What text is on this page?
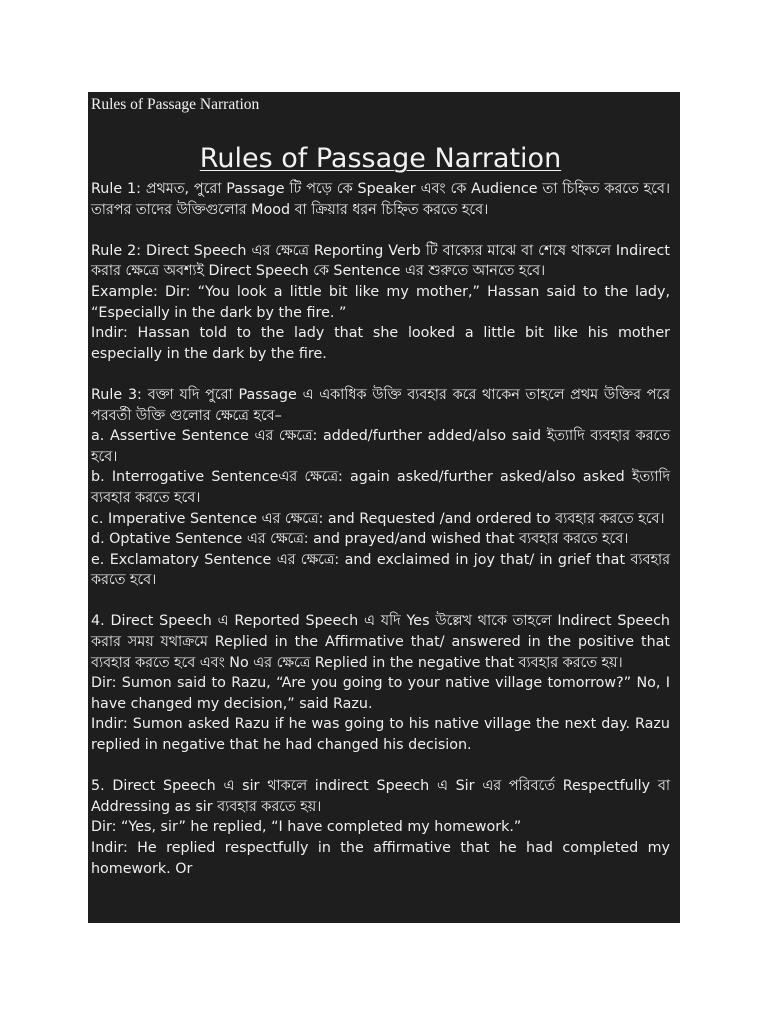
Rules of Passage Narration
Rules of Passage Narration

Rule 1: প্রথমত, পুরো Passage টি পড়ে কে Speaker এবং কে Audience তা চিহ্নিত করতে হবে। তারপর তাদের উক্তিগুলোর Mood বা ক্রিয়ার ধরন চিহ্নিত করতে হবে।

Rule 2: Direct Speech এর ক্ষেত্রে Reporting Verb টি বাক্যের মাঝে বা শেষে থাকলে Indirect করার ক্ষেত্রে অবশ্যই Direct Speech কে Sentence এর শুরুতে আনতে হবে।

Example: Dir: “You look a little bit like my mother,” Hassan said to the lady, “Especially in the dark by the fire. ”

Indir: Hassan told to the lady that she looked a little bit like his mother especially in the dark by the fire.

Rule 3: বক্তা যদি পুরো Passage এ একাধিক উক্তি ব্যবহার করে থাকেন তাহলে প্রথম উক্তির পরে পরবর্তী উক্তি গুলোর ক্ষেত্রে হবে–

a. Assertive Sentence এর ক্ষেত্রে: added/further added/also said ইত্যাদি ব্যবহার করতে হবে।

b. Interrogative Sentenceএর ক্ষেত্রে: again asked/further asked/also asked ইত্যাদি ব্যবহার করতে হবে।

c. Imperative Sentence এর ক্ষেত্রে: and Requested /and ordered to ব্যবহার করতে হবে।

d. Optative Sentence এর ক্ষেত্রে: and prayed/and wished that ব্যবহার করতে হবে।

e. Exclamatory Sentence এর ক্ষেত্রে: and exclaimed in joy that/ in grief that ব্যবহার করতে হবে।

4. Direct Speech এ Reported Speech এ যদি Yes উল্লেখ থাকে তাহলে Indirect Speech করার সময় যথাক্রমে Replied in the Affirmative that/ answered in the positive that ব্যবহার করতে হবে এবং No এর ক্ষেত্রে Replied in the negative that ব্যবহার করতে হয়।

Dir: Sumon said to Razu, “Are you going to your native village tomorrow?” No, I have changed my decision,” said Razu.

Indir: Sumon asked Razu if he was going to his native village the next day. Razu replied in negative that he had changed his decision.

5. Direct Speech এ sir থাকলে indirect Speech এ Sir এর পরিবর্তে Respectfully বা Addressing as sir ব্যবহার করতে হয়।

Dir: “Yes, sir” he replied, “I have completed my homework.”

Indir: He replied respectfully in the affirmative that he had completed my homework. Or
